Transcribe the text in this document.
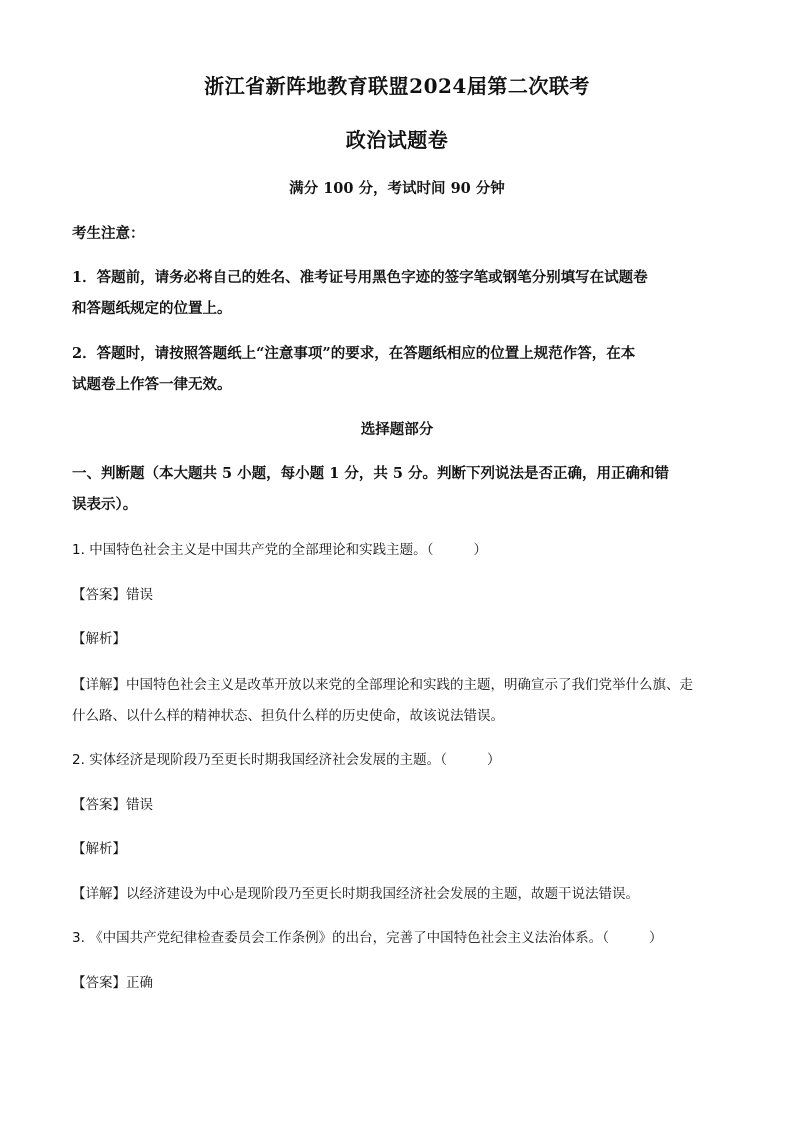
浙江省新阵地教育联盟2024届第二次联考
政治试题卷
满分 100 分，考试时间 90 分钟
考生注意：
1．答题前，请务必将自己的姓名、准考证号用黑色字迹的签字笔或钢笔分别填写在试题卷
和答题纸规定的位置上。
2．答题时，请按照答题纸上“注意事项”的要求，在答题纸相应的位置上规范作答，在本
试题卷上作答一律无效。
选择题部分
一、判断题（本大题共 5 小题，每小题 1 分，共 5 分。判断下列说法是否正确，用正确和错
误表示）。
1. 中国特色社会主义是中国共产党的全部理论和实践主题。（	）
【答案】错误
【解析】
【详解】中国特色社会主义是改革开放以来党的全部理论和实践的主题，明确宣示了我们党举什么旗、走
什么路、以什么样的精神状态、担负什么样的历史使命，故该说法错误。
2. 实体经济是现阶段乃至更长时期我国经济社会发展的主题。（	）
【答案】错误
【解析】
【详解】以经济建设为中心是现阶段乃至更长时期我国经济社会发展的主题，故题干说法错误。
3. 《中国共产党纪律检查委员会工作条例》的出台，完善了中国特色社会主义法治体系。（	）
【答案】正确
